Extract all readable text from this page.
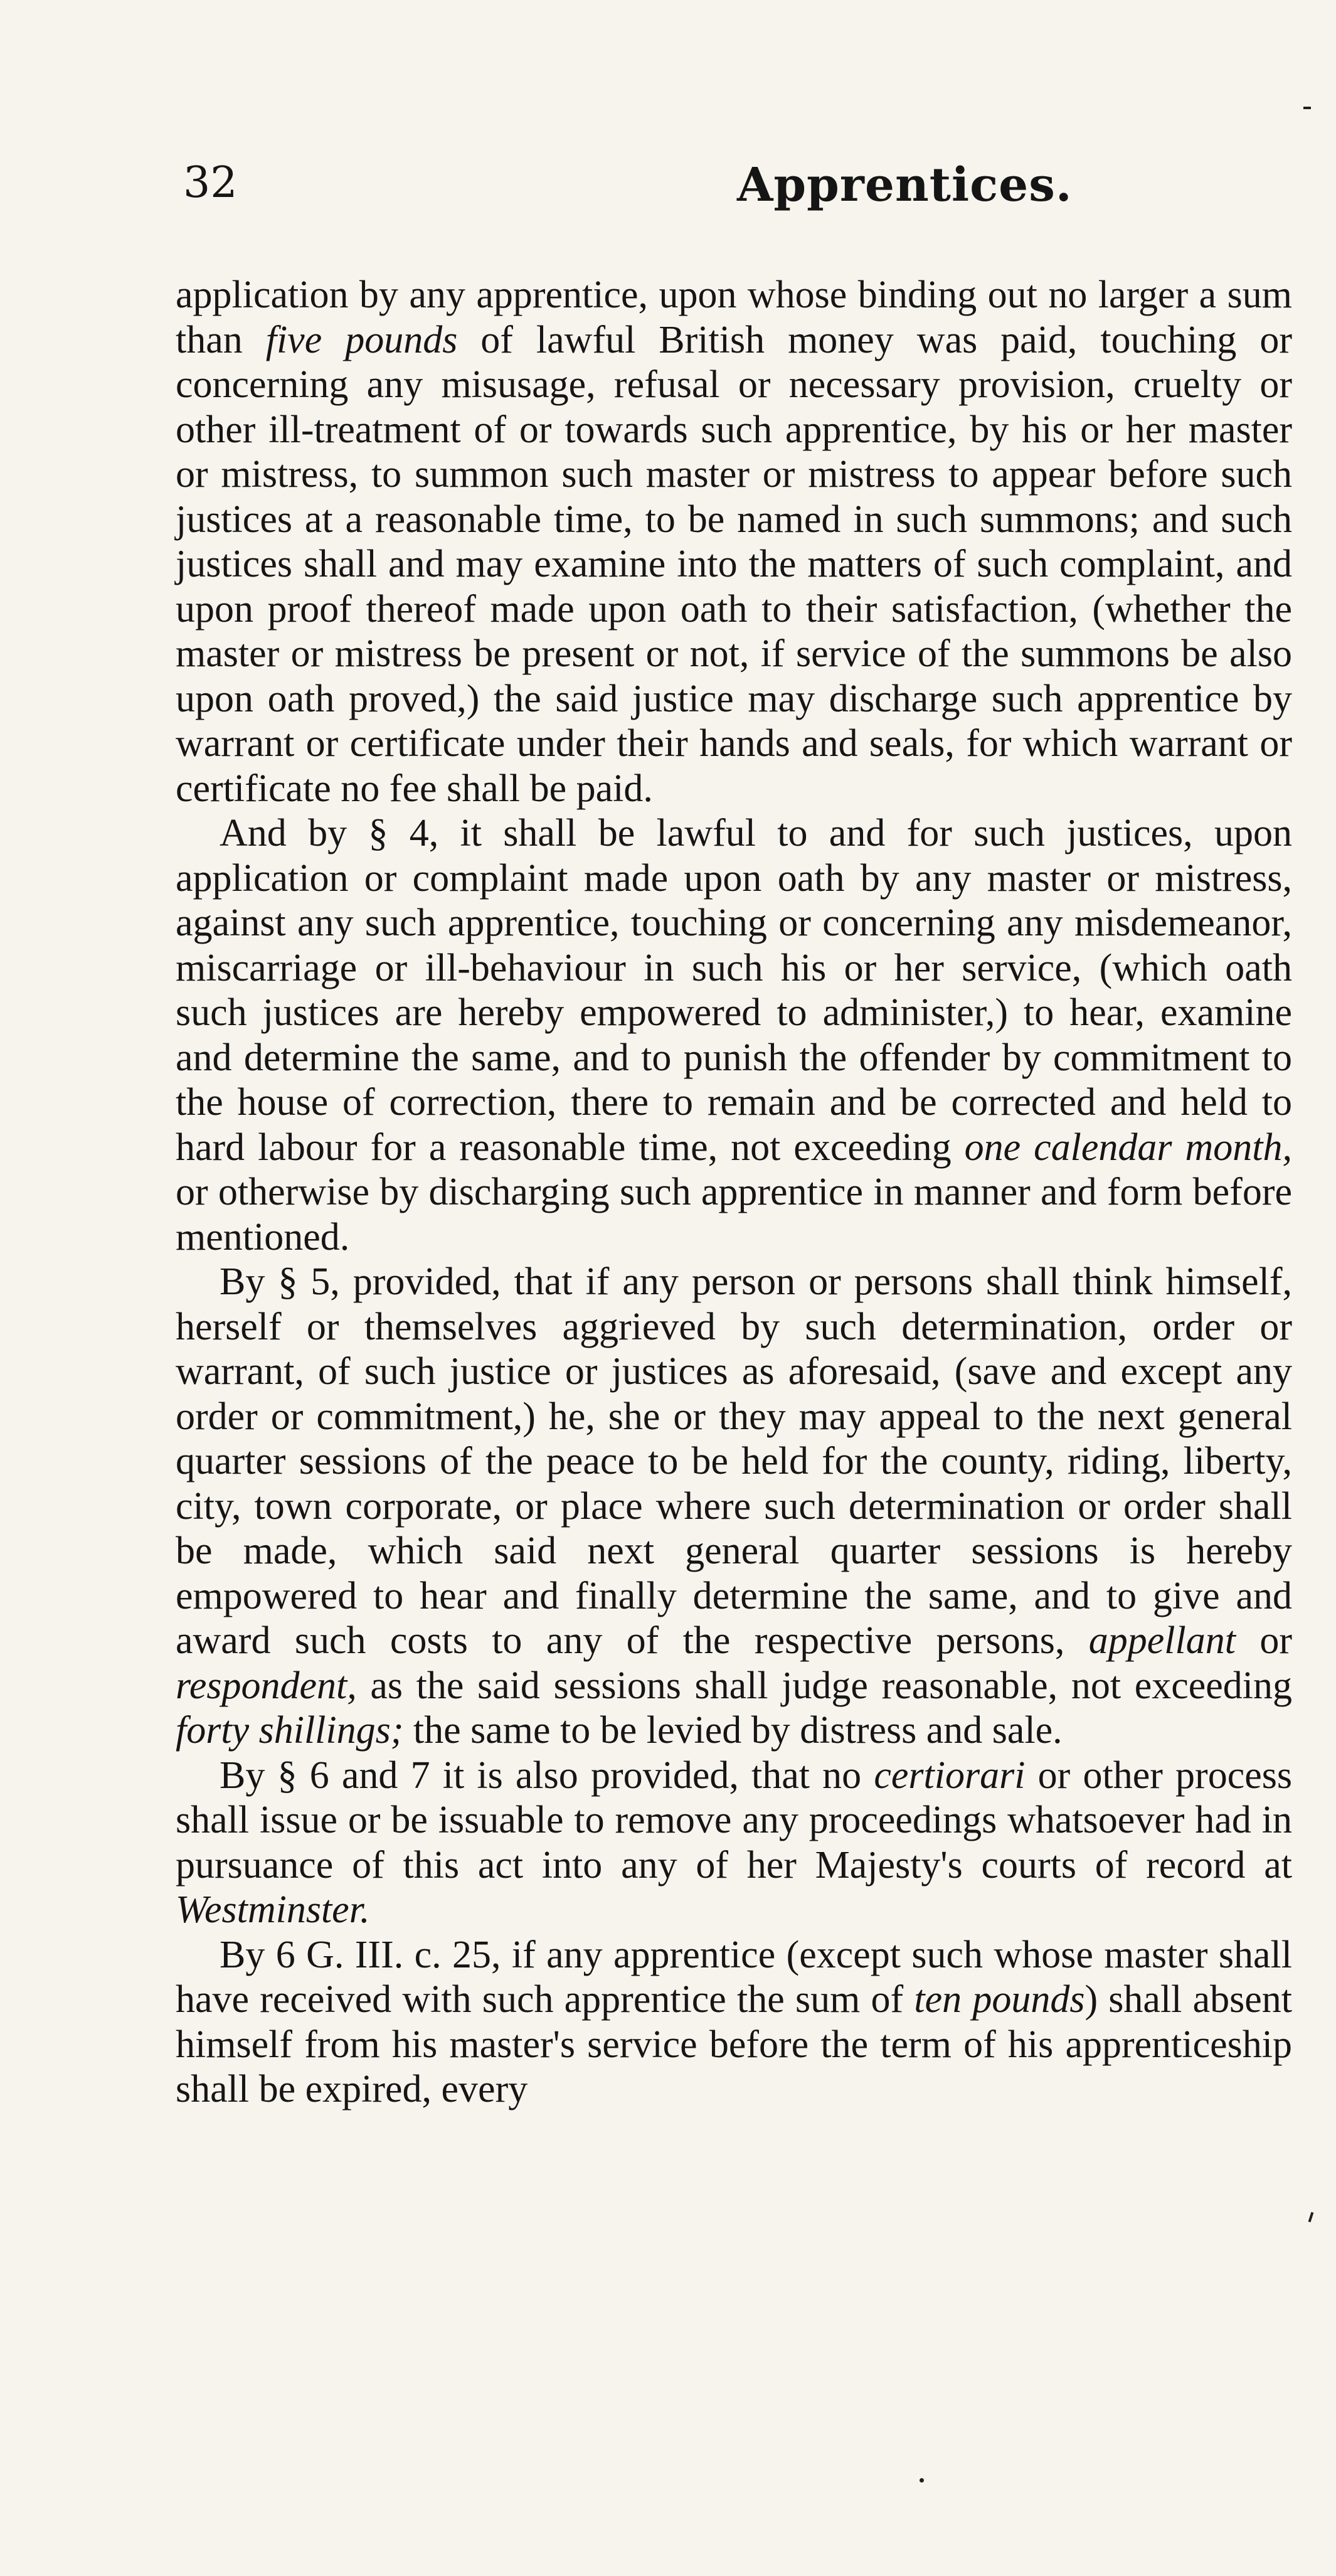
32	Apprentices.

application by any apprentice, upon whose binding out no larger a sum than five pounds of lawful British money was paid, touching or concerning any misusage, refusal or necessary provision, cruelty or other ill-treatment of or towards such apprentice, by his or her master or mistress, to summon such master or mistress to appear before such justices at a reasonable time, to be named in such summons; and such justices shall and may examine into the matters of such complaint, and upon proof thereof made upon oath to their satisfaction, (whether the master or mistress be present or not, if service of the summons be also upon oath proved,) the said justice may discharge such apprentice by warrant or certificate under their hands and seals, for which warrant or certificate no fee shall be paid.

And by § 4, it shall be lawful to and for such justices, upon application or complaint made upon oath by any master or mistress, against any such apprentice, touching or concerning any misdemeanor, miscarriage or ill-behaviour in such his or her service, (which oath such justices are hereby empowered to administer,) to hear, examine and determine the same, and to punish the offender by commitment to the house of correction, there to remain and be corrected and held to hard labour for a reasonable time, not exceeding one calendar month, or otherwise by discharging such apprentice in manner and form before mentioned.

By § 5, provided, that if any person or persons shall think himself, herself or themselves aggrieved by such determination, order or warrant, of such justice or justices as aforesaid, (save and except any order or commitment,) he, she or they may appeal to the next general quarter sessions of the peace to be held for the county, riding, liberty, city, town corporate, or place where such determination or order shall be made, which said next general quarter sessions is hereby empowered to hear and finally determine the same, and to give and award such costs to any of the respective persons, appellant or respondent, as the said sessions shall judge reasonable, not exceeding forty shillings; the same to be levied by distress and sale.

By § 6 and 7 it is also provided, that no certiorari or other process shall issue or be issuable to remove any proceedings whatsoever had in pursuance of this act into any of her Majesty's courts of record at Westminster.

By 6 G. III. c. 25, if any apprentice (except such whose master shall have received with such apprentice the sum of ten pounds) shall absent himself from his master's service before the term of his apprenticeship shall be expired, every
